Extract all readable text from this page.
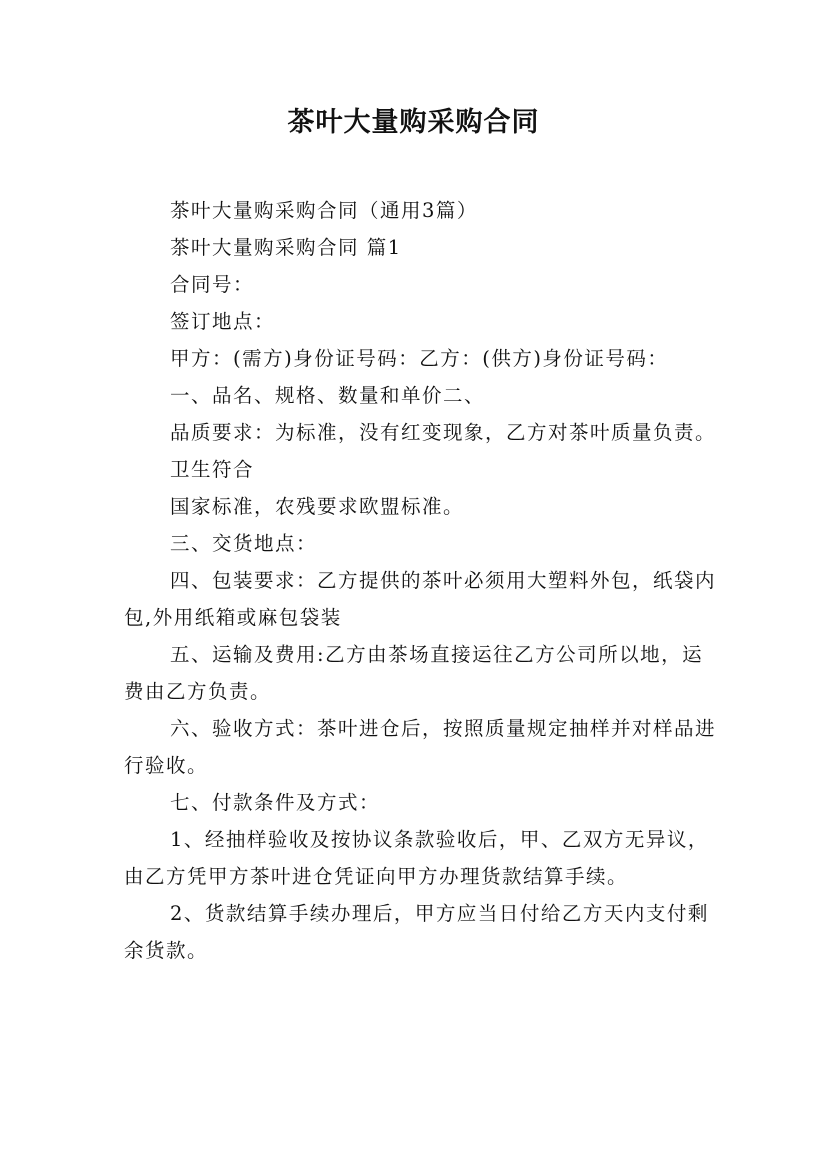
茶叶大量购采购合同

茶叶大量购采购合同（通用3篇）

茶叶大量购采购合同 篇1

合同号：

签订地点：

甲方：(需方)身份证号码：乙方：(供方)身份证号码：

一、品名、规格、数量和单价二、

品质要求：为标准，没有红变现象，乙方对茶叶质量负责。

卫生符合

国家标准，农残要求欧盟标准。

三、交货地点：

四、包装要求：乙方提供的茶叶必须用大塑料外包，纸袋内包,外用纸箱或麻包袋装

五、运输及费用:乙方由茶场直接运往乙方公司所以地，运费由乙方负责。

六、验收方式：茶叶进仓后，按照质量规定抽样并对样品进行验收。

七、付款条件及方式：

1、经抽样验收及按协议条款验收后，甲、乙双方无异议，由乙方凭甲方茶叶进仓凭证向甲方办理货款结算手续。

2、货款结算手续办理后，甲方应当日付给乙方天内支付剩余货款。
